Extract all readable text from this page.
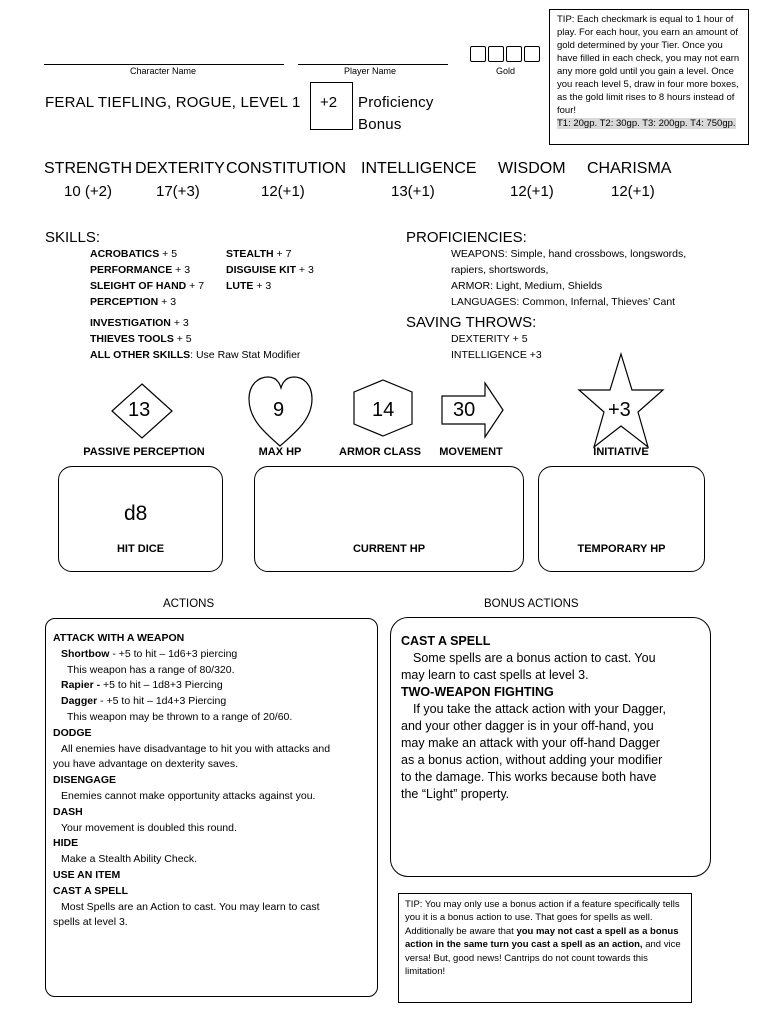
Character Name	Player Name	Gold
TIP: Each checkmark is equal to 1 hour of play. For each hour, you earn an amount of gold determined by your Tier. Once you have filled in each check, you may not earn any more gold until you gain a level. Once you reach level 5, draw in four more boxes, as the gold limit rises to 8 hours instead of four!
T1: 20gp. T2: 30gp. T3: 200gp. T4: 750gp.
FERAL TIEFLING, ROGUE, LEVEL 1 +2 Proficiency
Bonus
STRENGTH
10 (+2)
DEXTERITY
17(+3)
CONSTITUTION
12(+1)
INTELLIGENCE
13(+1)
WISDOM
12(+1)
CHARISMA
12(+1)
SKILLS:
ACROBATICS + 5
PERFORMANCE + 3
SLEIGHT OF HAND + 7
PERCEPTION + 3
STEALTH + 7
DISGUISE KIT + 3
LUTE + 3
INVESTIGATION + 3
THIEVES TOOLS + 5
ALL OTHER SKILLS: Use Raw Stat Modifier
PROFICIENCIES:
WEAPONS: Simple, hand crossbows, longswords,
rapiers, shortswords,
ARMOR: Light, Medium, Shields
LANGUAGES: Common, Infernal, Thieves’ Cant
SAVING THROWS:
DEXTERITY + 5
INTELLIGENCE +3
13	9	14	30	+3
PASSIVE PERCEPTION	MAX HP	ARMOR CLASS	MOVEMENT	INITIATIVE
d8
HIT DICE	CURRENT HP	TEMPORARY HP
ACTIONS
ATTACK WITH A WEAPON
Shortbow - +5 to hit – 1d6+3 piercing
This weapon has a range of 80/320.
Rapier - +5 to hit – 1d8+3 Piercing
Dagger - +5 to hit – 1d4+3 Piercing
This weapon may be thrown to a range of 20/60.
DODGE
All enemies have disadvantage to hit you with attacks and
you have advantage on dexterity saves.
DISENGAGE
Enemies cannot make opportunity attacks against you.
DASH
Your movement is doubled this round.
HIDE
Make a Stealth Ability Check.
USE AN ITEM
CAST A SPELL
Most Spells are an Action to cast. You may learn to cast
spells at level 3.
BONUS ACTIONS
CAST A SPELL
Some spells are a bonus action to cast. You
may learn to cast spells at level 3.
TWO-WEAPON FIGHTING
If you take the attack action with your Dagger,
and your other dagger is in your off-hand, you
may make an attack with your off-hand Dagger
as a bonus action, without adding your modifier
to the damage. This works because both have
the “Light” property.
TIP: You may only use a bonus action if a feature specifically tells you it is a bonus action to use. That goes for spells as well.
Additionally be aware that you may not cast a spell as a bonus action in the same turn you cast a spell as an action, and vice versa! But, good news! Cantrips do not count towards this limitation!
